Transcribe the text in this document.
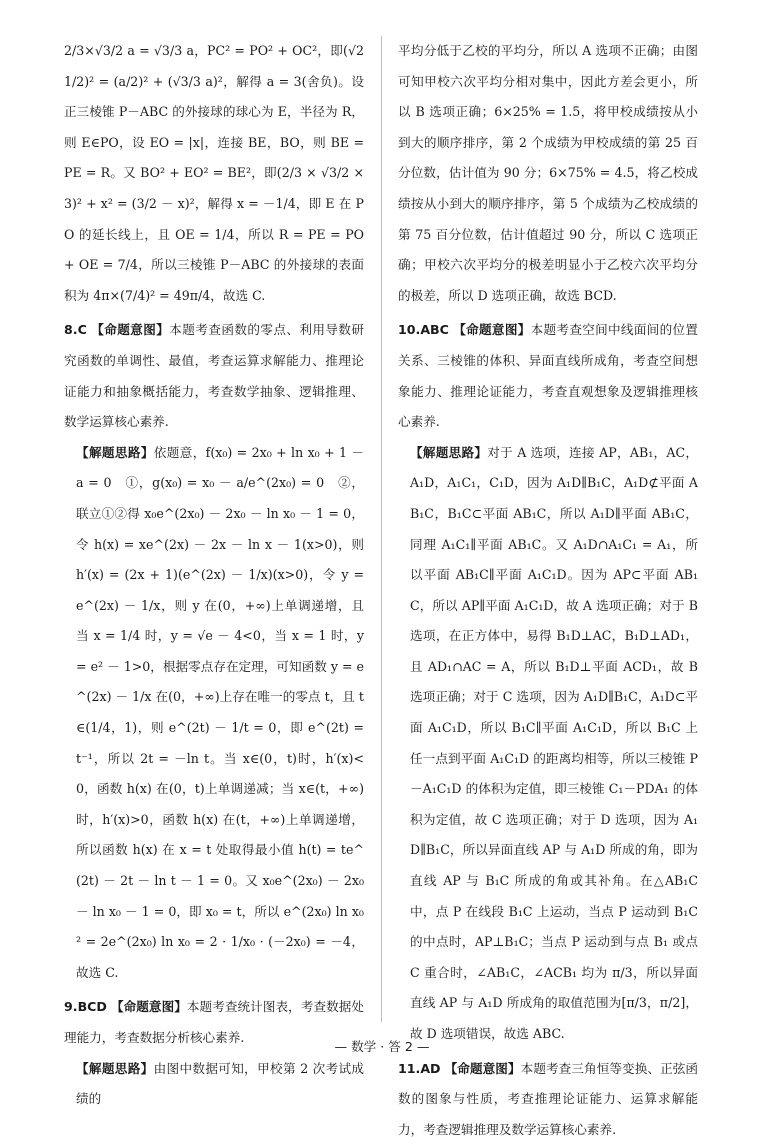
2/3×√3/2 a = √3/3 a，PC² = PO² + OC²，即(√21/2)² = (a/2)² + (√3/3 a)²，解得 a = 3(舍负)。设正三棱锥 P－ABC 的外接球的球心为 E，半径为 R，则 E∈PO，设 EO = |x|，连接 BE，BO，则 BE = PE = R。又 BO² + EO² = BE²，即(2/3 × √3/2 × 3)² + x² = (3/2 － x)²，解得 x = －1/4，即 E 在 PO 的延长线上，且 OE = 1/4，所以 R = PE = PO + OE = 7/4，所以三棱锥 P－ABC 的外接球的表面积为 4π×(7/4)² = 49π/4，故选 C.

8.C 【命题意图】本题考查函数的零点、利用导数研究函数的单调性、最值，考查运算求解能力、推理论证能力和抽象概括能力，考查数学抽象、逻辑推理、数学运算核心素养.

【解题思路】依题意，f(x₀) = 2x₀ + ln x₀ + 1 － a = 0　①，g(x₀) = x₀ － a/e^(2x₀) = 0　②，联立①②得 x₀e^(2x₀) － 2x₀ － ln x₀ － 1 = 0，令 h(x) = xe^(2x) － 2x － ln x － 1(x>0)，则 h′(x) = (2x + 1)(e^(2x) － 1/x)(x>0)，令 y = e^(2x) － 1/x，则 y 在(0，+∞)上单调递增，且当 x = 1/4 时，y = √e － 4<0，当 x = 1 时，y = e² － 1>0，根据零点存在定理，可知函数 y = e^(2x) － 1/x 在(0，+∞)上存在唯一的零点 t，且 t∈(1/4，1)，则 e^(2t) － 1/t = 0，即 e^(2t) = t⁻¹，所以 2t = －ln t。当 x∈(0，t)时，h′(x)<0，函数 h(x) 在(0，t)上单调递减；当 x∈(t，+∞)时，h′(x)>0，函数 h(x) 在(t，+∞)上单调递增，所以函数 h(x) 在 x = t 处取得最小值 h(t) = te^(2t) － 2t － ln t － 1 = 0。又 x₀e^(2x₀) － 2x₀ － ln x₀ － 1 = 0，即 x₀ = t，所以 e^(2x₀) ln x₀² = 2e^(2x₀) ln x₀ = 2 · 1/x₀ · (－2x₀) = －4，故选 C.

9.BCD 【命题意图】本题考查统计图表，考查数据处理能力，考查数据分析核心素养.

【解题思路】由图中数据可知，甲校第 2 次考试成绩的

平均分低于乙校的平均分，所以 A 选项不正确；由图可知甲校六次平均分相对集中，因此方差会更小，所以 B 选项正确；6×25% = 1.5，将甲校成绩按从小到大的顺序排序，第 2 个成绩为甲校成绩的第 25 百分位数，估计值为 90 分；6×75% = 4.5，将乙校成绩按从小到大的顺序排序，第 5 个成绩为乙校成绩的第 75 百分位数，估计值超过 90 分，所以 C 选项正确；甲校六次平均分的极差明显小于乙校六次平均分的极差，所以 D 选项正确，故选 BCD.

10.ABC 【命题意图】本题考查空间中线面间的位置关系、三棱锥的体积、异面直线所成角，考查空间想象能力、推理论证能力，考查直观想象及逻辑推理核心素养.

【解题思路】对于 A 选项，连接 AP，AB₁，AC，A₁D，A₁C₁，C₁D，因为 A₁D∥B₁C，A₁D⊄平面 AB₁C，B₁C⊂平面 AB₁C，所以 A₁D∥平面 AB₁C，同理 A₁C₁∥平面 AB₁C。又 A₁D∩A₁C₁ = A₁，所以平面 AB₁C∥平面 A₁C₁D。因为 AP⊂平面 AB₁C，所以 AP∥平面 A₁C₁D，故 A 选项正确；对于 B 选项，在正方体中，易得 B₁D⊥AC，B₁D⊥AD₁，且 AD₁∩AC = A，所以 B₁D⊥平面 ACD₁，故 B 选项正确；对于 C 选项，因为 A₁D∥B₁C，A₁D⊂平面 A₁C₁D，所以 B₁C∥平面 A₁C₁D，所以 B₁C 上任一点到平面 A₁C₁D 的距离均相等，所以三棱锥 P－A₁C₁D 的体积为定值，即三棱锥 C₁－PDA₁ 的体积为定值，故 C 选项正确；对于 D 选项，因为 A₁D∥B₁C，所以异面直线 AP 与 A₁D 所成的角，即为直线 AP 与 B₁C 所成的角或其补角。在△AB₁C 中，点 P 在线段 B₁C 上运动，当点 P 运动到 B₁C 的中点时，AP⊥B₁C；当点 P 运动到与点 B₁ 或点 C 重合时，∠AB₁C，∠ACB₁ 均为 π/3，所以异面直线 AP 与 A₁D 所成角的取值范围为[π/3，π/2]，故 D 选项错误，故选 ABC.

11.AD 【命题意图】本题考查三角恒等变换、正弦函数的图象与性质，考查推理论证能力、运算求解能力，考查逻辑推理及数学运算核心素养.

— 数学 · 答 2 —
